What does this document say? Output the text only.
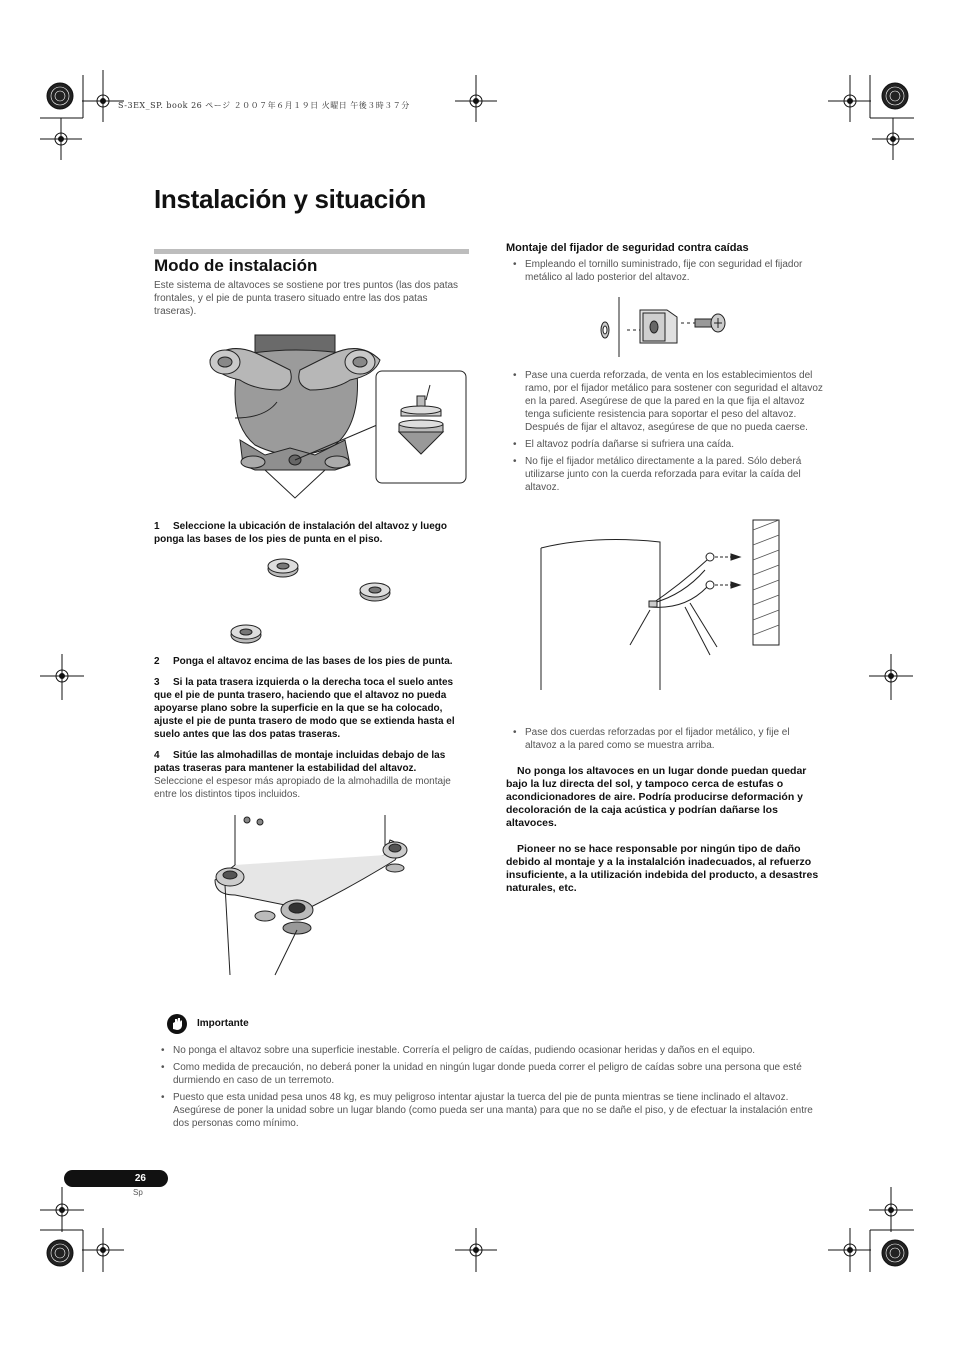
S-3EX_SP. book 26 ページ ２００７年６月１９日 火曜日 午後３時３７分
Instalación y situación
Modo de instalación
Este sistema de altavoces se sostiene por tres puntos (las dos patas frontales, y el pie de punta trasero situado entre las dos patas traseras).
1 Seleccione la ubicación de instalación del altavoz y luego ponga las bases de los pies de punta en el piso.
2 Ponga el altavoz encima de las bases de los pies de punta.
3 Si la pata trasera izquierda o la derecha toca el suelo antes que el pie de punta trasero, haciendo que el altavoz no pueda apoyarse plano sobre la superficie en la que se ha colocado, ajuste el pie de punta trasero de modo que se extienda hasta el suelo antes que las dos patas traseras.
4 Sitúe las almohadillas de montaje incluidas debajo de las patas traseras para mantener la estabilidad del altavoz.
Seleccione el espesor más apropiado de la almohadilla de montaje entre los distintos tipos incluidos.
Montaje del fijador de seguridad contra caídas
• Empleando el tornillo suministrado, fije con seguridad el fijador metálico al lado posterior del altavoz.
• Pase una cuerda reforzada, de venta en los establecimientos del ramo, por el fijador metálico para sostener con seguridad el altavoz en la pared. Asegúrese de que la pared en la que fija el altavoz tenga suficiente resistencia para soportar el peso del altavoz. Después de fijar el altavoz, asegúrese de que no pueda caerse.
• El altavoz podría dañarse si sufriera una caída.
• No fije el fijador metálico directamente a la pared. Sólo deberá utilizarse junto con la cuerda reforzada para evitar la caída del altavoz.
• Pase dos cuerdas reforzadas por el fijador metálico, y fije el altavoz a la pared como se muestra arriba.
No ponga los altavoces en un lugar donde puedan quedar bajo la luz directa del sol, y tampoco cerca de estufas o acondicionadores de aire. Podría producirse deformación y decoloración de la caja acústica y podrían dañarse los altavoces.
Pioneer no se hace responsable por ningún tipo de daño debido al montaje y a la instalalción inadecuados, al refuerzo insuficiente, a la utilización indebida del producto, a desastres naturales, etc.
Importante
• No ponga el altavoz sobre una superficie inestable. Correría el peligro de caídas, pudiendo ocasionar heridas y daños en el equipo.
• Como medida de precaución, no deberá poner la unidad en ningún lugar donde pueda correr el peligro de caídas sobre una persona que esté durmiendo en caso de un terremoto.
• Puesto que esta unidad pesa unos 48 kg, es muy peligroso intentar ajustar la tuerca del pie de punta mientras se tiene inclinado el altavoz. Asegúrese de poner la unidad sobre un lugar blando (como pueda ser una manta) para que no se dañe el piso, y de efectuar la instalación entre dos personas como mínimo.
26
Sp
